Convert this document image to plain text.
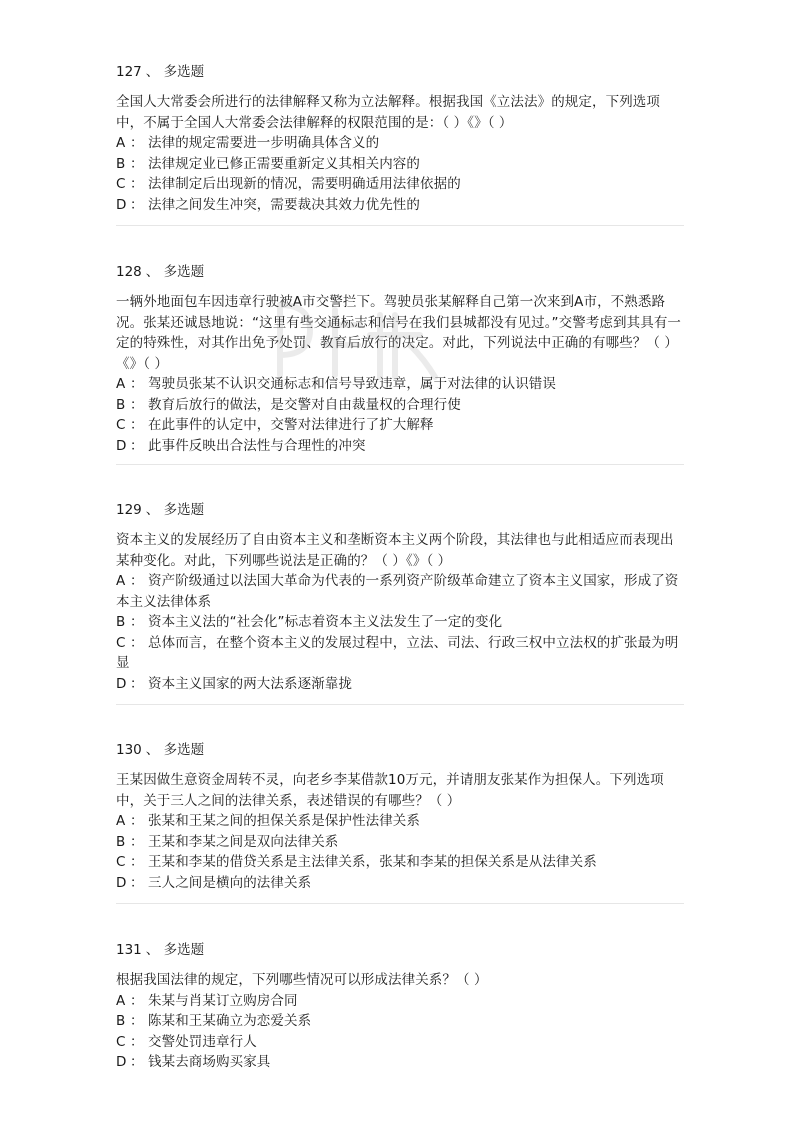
127 、 多选题
全国人大常委会所进行的法律解释又称为立法解释。根据我国《立法法》的规定，下列选项中，不属于全国人大常委会法律解释的权限范围的是：（ ）《》（ ）
A ： 法律的规定需要进一步明确具体含义的
B ： 法律规定业已修正需要重新定义其相关内容的
C ： 法律制定后出现新的情况，需要明确适用法律依据的
D ： 法律之间发生冲突，需要裁决其效力优先性的
128 、 多选题
一辆外地面包车因违章行驶被A市交警拦下。驾驶员张某解释自己第一次来到A市，不熟悉路况。张某还诚恳地说：“这里有些交通标志和信号在我们县城都没有见过。”交警考虑到其具有一定的特殊性，对其作出免予处罚、教育后放行的决定。对此，下列说法中正确的有哪些？（ ）《》（ ）
A ： 驾驶员张某不认识交通标志和信号导致违章，属于对法律的认识错误
B ： 教育后放行的做法，是交警对自由裁量权的合理行使
C ： 在此事件的认定中，交警对法律进行了扩大解释
D ： 此事件反映出合法性与合理性的冲突
129 、 多选题
资本主义的发展经历了自由资本主义和垄断资本主义两个阶段，其法律也与此相适应而表现出某种变化。对此，下列哪些说法是正确的？（ ）《》（ ）
A ： 资产阶级通过以法国大革命为代表的一系列资产阶级革命建立了资本主义国家，形成了资本主义法律体系
B ： 资本主义法的“社会化”标志着资本主义法发生了一定的变化
C ： 总体而言，在整个资本主义的发展过程中，立法、司法、行政三权中立法权的扩张最为明显
D ： 资本主义国家的两大法系逐渐靠拢
130 、 多选题
王某因做生意资金周转不灵，向老乡李某借款10万元，并请朋友张某作为担保人。下列选项中，关于三人之间的法律关系，表述错误的有哪些？（ ）
A ： 张某和王某之间的担保关系是保护性法律关系
B ： 王某和李某之间是双向法律关系
C ： 王某和李某的借贷关系是主法律关系，张某和李某的担保关系是从法律关系
D ： 三人之间是横向的法律关系
131 、 多选题
根据我国法律的规定，下列哪些情况可以形成法律关系？（ ）
A ： 朱某与肖某订立购房合同
B ： 陈某和王某确立为恋爱关系
C ： 交警处罚违章行人
D ： 钱某去商场购买家具
